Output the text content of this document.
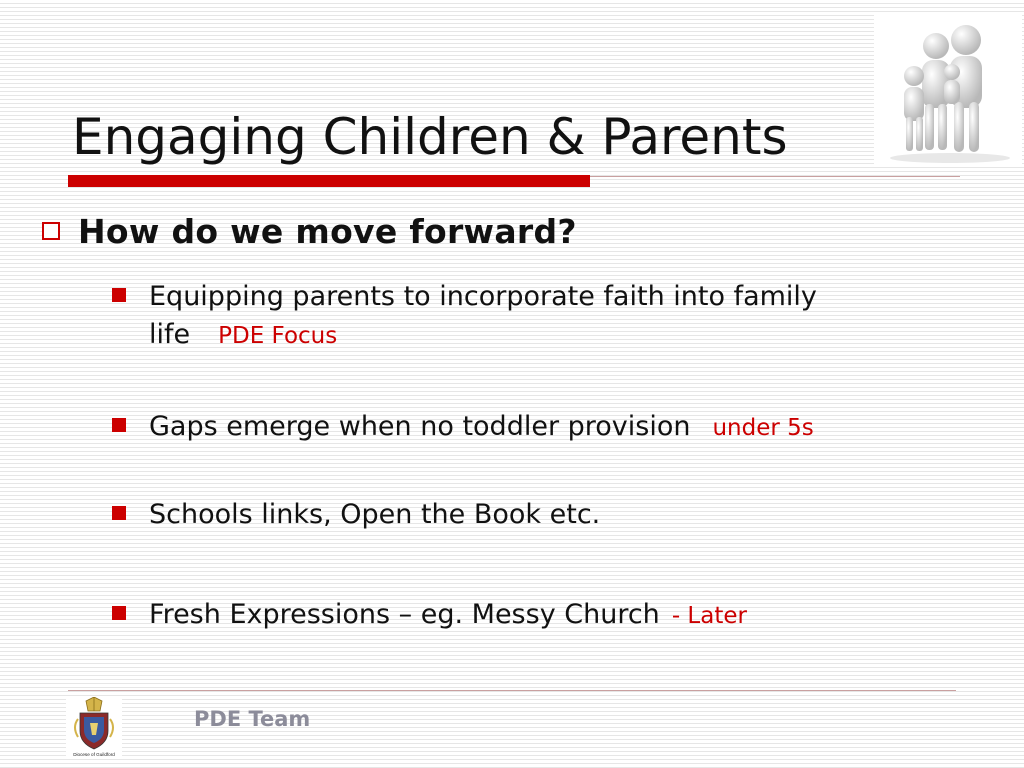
Engaging Children & Parents
How do we move forward?
Equipping parents to incorporate faith into family
life PDE Focus
Gaps emerge when no toddler provision under 5s
Schools links, Open the Book etc.
Fresh Expressions – eg. Messy Church - Later
Diocese of Guildford
PDE Team
